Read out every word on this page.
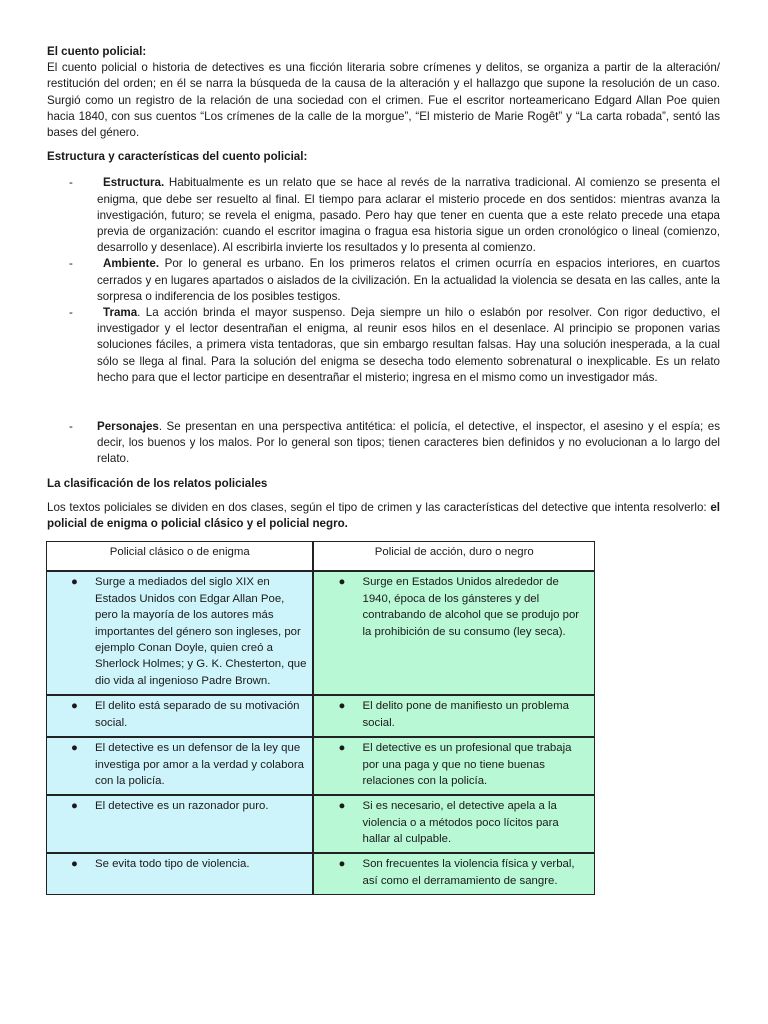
El cuento policial:

El cuento policial o historia de detectives es una ficción literaria sobre crímenes y delitos, se organiza a partir de la alteración/ restitución del orden; en él se narra la búsqueda de la causa de la alteración y el hallazgo que supone la resolución de un caso. Surgió como un registro de la relación de una sociedad con el crimen. Fue el escritor norteamericano Edgard Allan Poe quien hacia 1840, con sus cuentos “Los crímenes de la calle de la morgue”, “El misterio de Marie Rogêt” y “La carta robada”, sentó las bases del género.

Estructura y características del cuento policial:

-	Estructura. Habitualmente es un relato que se hace al revés de la narrativa tradicional. Al comienzo se presenta el enigma, que debe ser resuelto al final. El tiempo para aclarar el misterio procede en dos sentidos: mientras avanza la investigación, futuro; se revela el enigma, pasado. Pero hay que tener en cuenta que a este relato precede una etapa previa de organización: cuando el escritor imagina o fragua esa historia sigue un orden cronológico o lineal (comienzo, desarrollo y desenlace). Al escribirla invierte los resultados y lo presenta al comienzo.
-	Ambiente. Por lo general es urbano. En los primeros relatos el crimen ocurría en espacios interiores, en cuartos cerrados y en lugares apartados o aislados de la civilización. En la actualidad la violencia se desata en las calles, ante la sorpresa o indiferencia de los posibles testigos.
-	Trama. La acción brinda el mayor suspenso. Deja siempre un hilo o eslabón por resolver. Con rigor deductivo, el investigador y el lector desentrañan el enigma, al reunir esos hilos en el desenlace. Al principio se proponen varias soluciones fáciles, a primera vista tentadoras, que sin embargo resultan falsas. Hay una solución inesperada, a la cual sólo se llega al final. Para la solución del enigma se desecha todo elemento sobrenatural o inexplicable. Es un relato hecho para que el lector participe en desentrañar el misterio; ingresa en el mismo como un investigador más.
-	Personajes. Se presentan en una perspectiva antitética: el policía, el detective, el inspector, el asesino y el espía; es decir, los buenos y los malos. Por lo general son tipos; tienen caracteres bien definidos y no evolucionan a lo largo del relato.

La clasificación de los relatos policiales

Los textos policiales se dividen en dos clases, según el tipo de crimen y las características del detective que intenta resolverlo: el policial de enigma o policial clásico y el policial negro.

Policial clásico o de enigma	Policial de acción, duro o negro

● Surge a mediados del siglo XIX en Estados Unidos con Edgar Allan Poe, pero la mayoría de los autores más importantes del género son ingleses, por ejemplo Conan Doyle, quien creó a Sherlock Holmes; y G. K. Chesterton, que dio vida al ingenioso Padre Brown.	● Surge en Estados Unidos alrededor de 1940, época de los gánsteres y del contrabando de alcohol que se produjo por la prohibición de su consumo (ley seca).

● El delito está separado de su motivación social.	● El delito pone de manifiesto un problema social.

● El detective es un defensor de la ley que investiga por amor a la verdad y colabora con la policía.	● El detective es un profesional que trabaja por una paga y que no tiene buenas relaciones con la policía.

● El detective es un razonador puro.	● Si es necesario, el detective apela a la violencia o a métodos poco lícitos para hallar al culpable.

● Se evita todo tipo de violencia.	● Son frecuentes la violencia física y verbal, así como el derramamiento de sangre.
